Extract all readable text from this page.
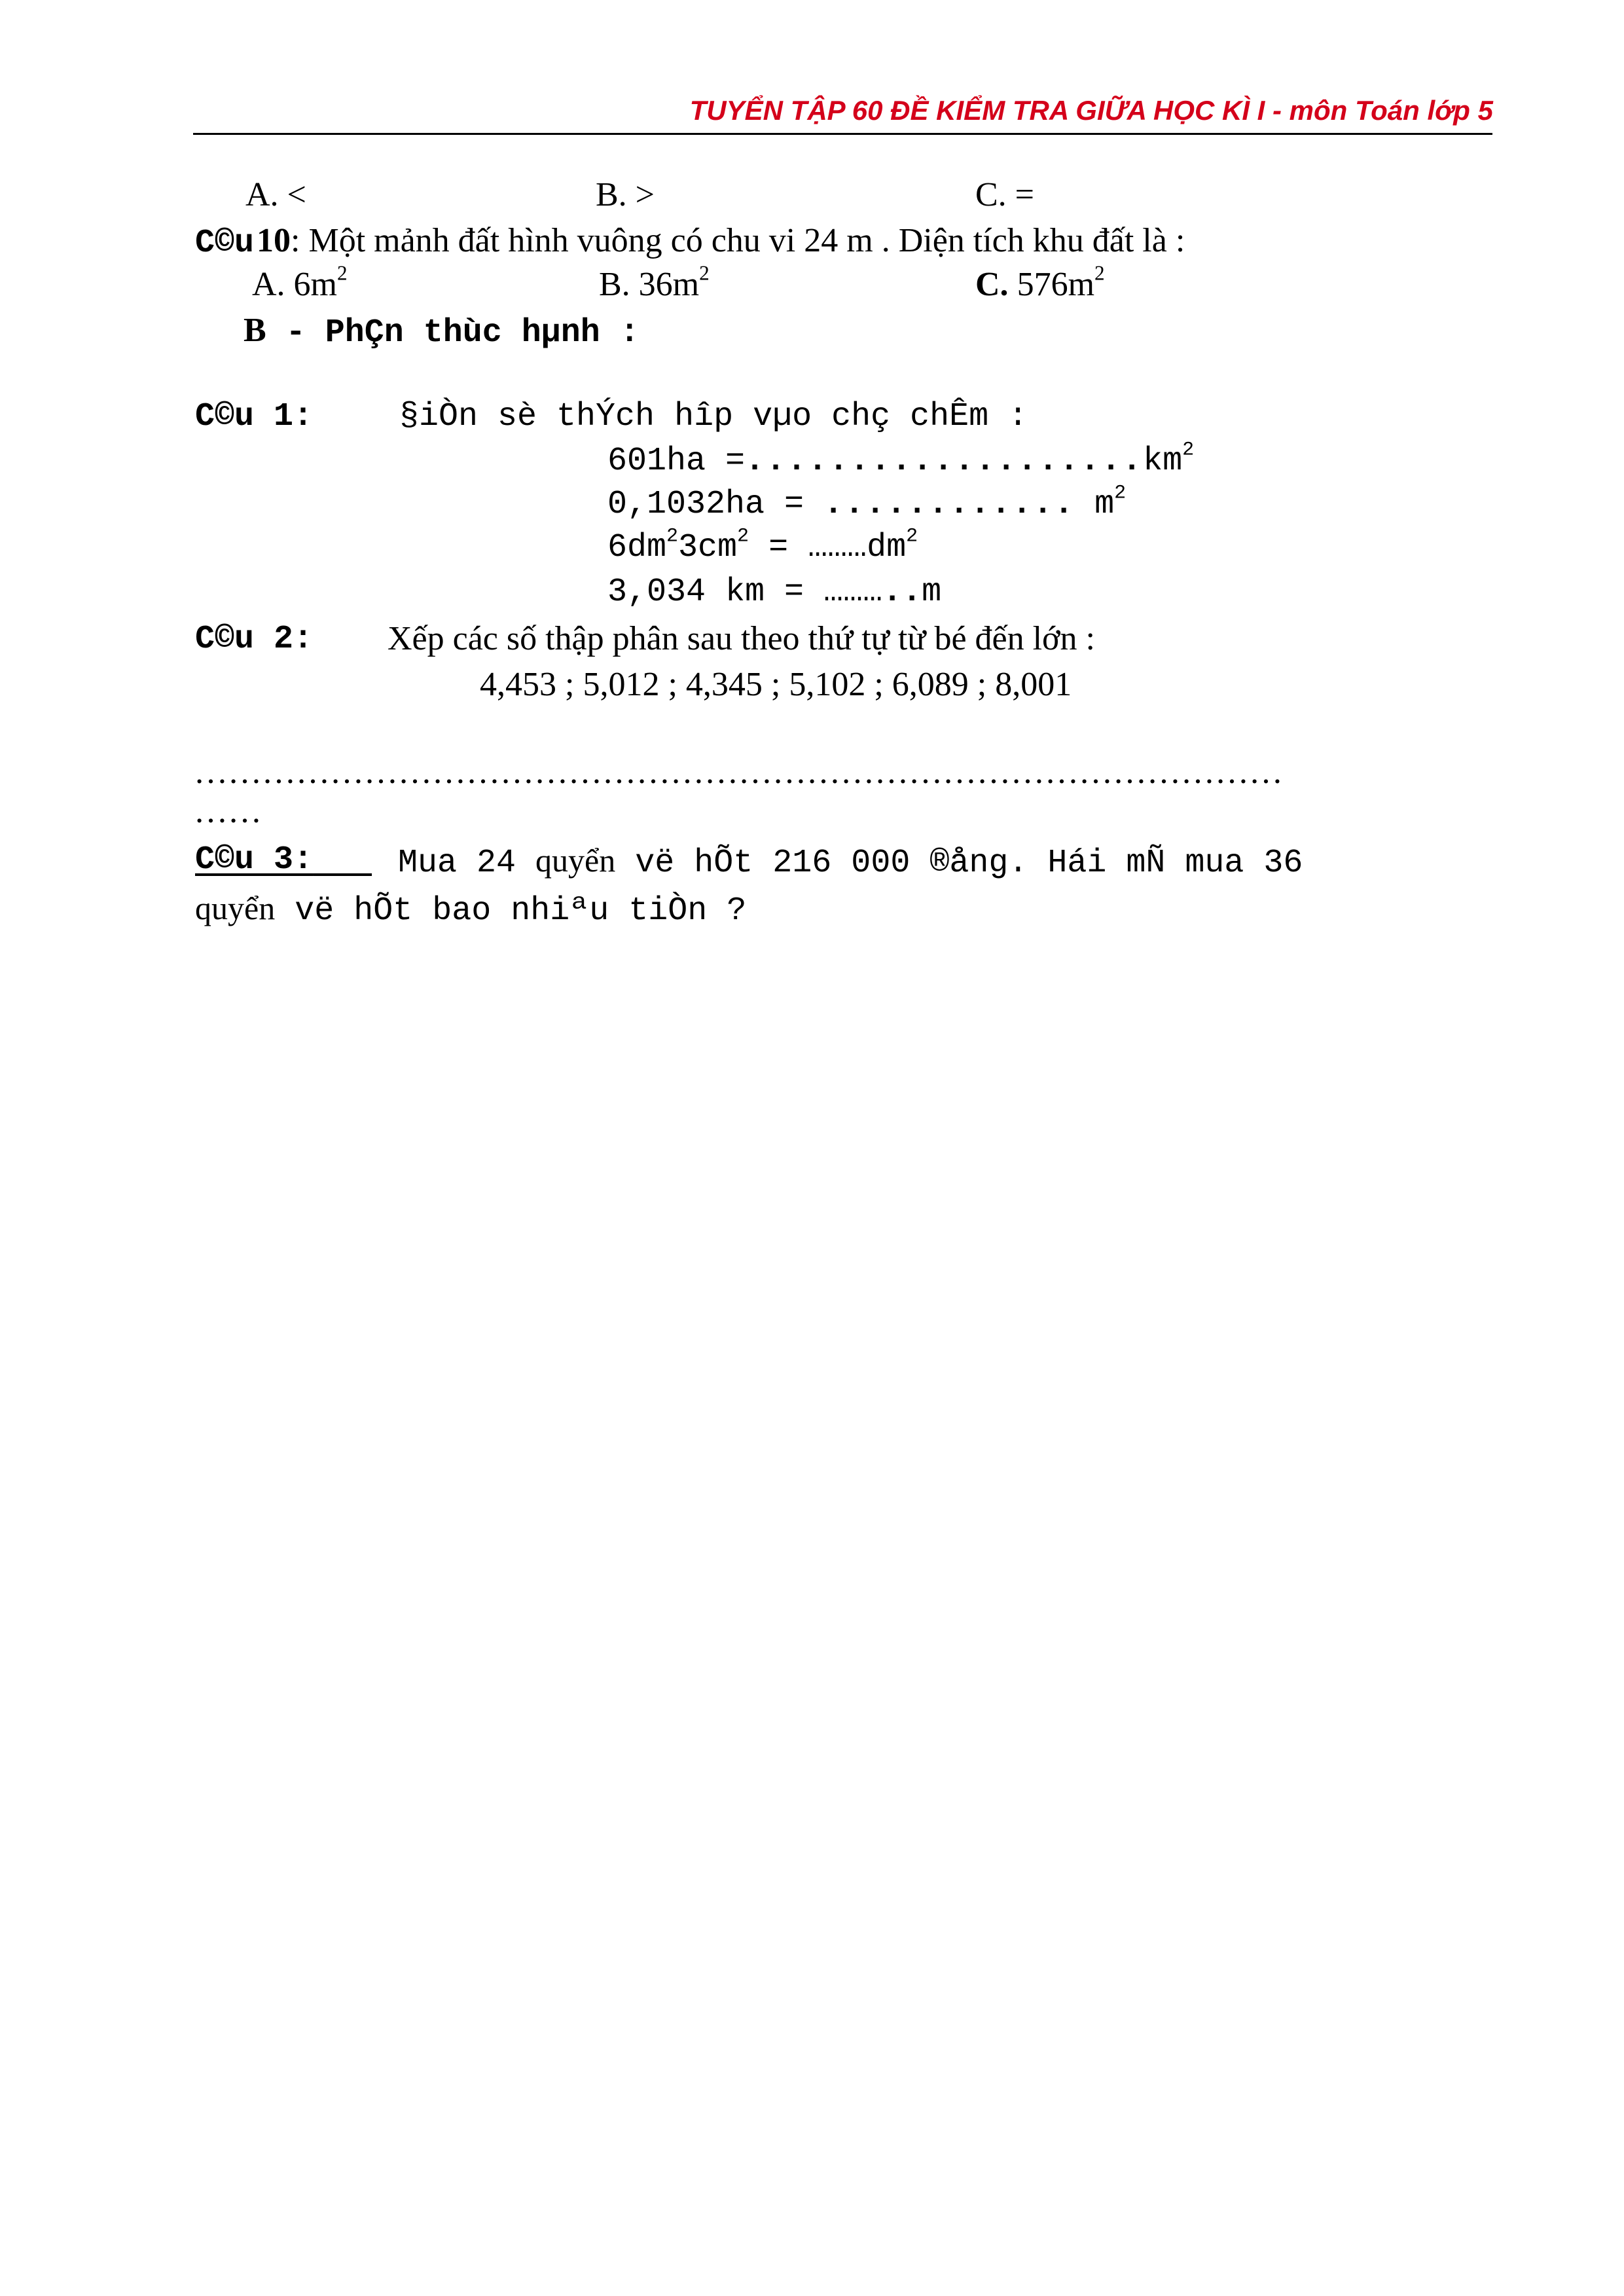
TUYỂN TẬP 60 ĐỀ KIỂM TRA GIỮA HỌC KÌ I - môn Toán lớp 5
A. <	B. >	C. =
C©u 10: Một mảnh đất hình vuông có chu vi 24 m . Diện tích khu đất là :
A. $6m^2$	B. $36m^2$	C. $576m^2$
B - PhÇn thùc hµnh :
C©u 1:	§iÒn sè thÝch hîp vµo chç chÊm :
$601ha =...................km^2$
0,1032ha = ............ $m^2$
$6dm^23cm^2$ = $\dots\dots\dots dm^2$
3,034 km = ………..m
C©u 2: Xếp các số thập phân sau theo thứ tự từ bé đến lớn :
4,453 ; 5,012 ; 4,345 ; 5,102 ; 6,089 ; 8,001
……………………………………………………………………………………
……
C©u 3:	Mua 24 quyển vë hÕt 216 000 ®ång. Hái mÑ mua 36
quyển vë hÕt bao nhiªu tiÒn ?
